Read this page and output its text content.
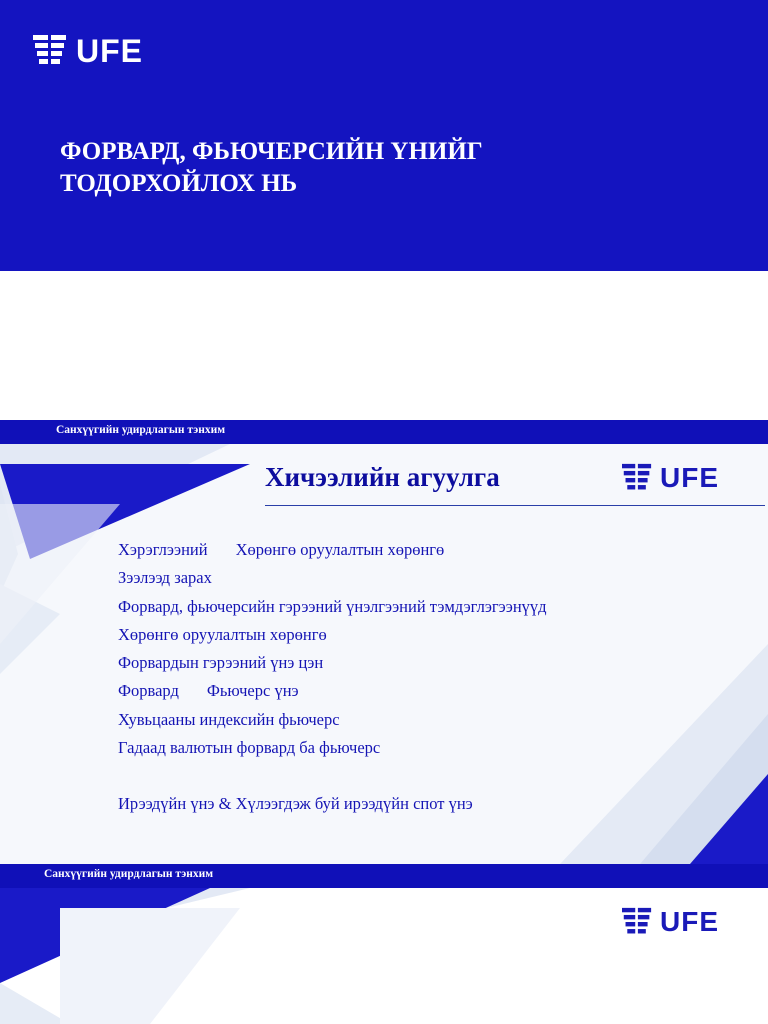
UFE
ФОРВАРД, ФЬЮЧЕРСИЙН ҮНИЙГ
ТОДОРХОЙЛОХ НЬ
Санхүүгийн удирдлагын тэнхим
Хичээлийн агуулга	UFE
Хэрэглээний Хөрөнгө оруулалтын хөрөнгө
Зээлээд зарах
Форвард, фьючерсийн гэрээний үнэлгээний тэмдэглэгээнүүд
Хөрөнгө оруулалтын хөрөнгө
Форвардын гэрээний үнэ цэн
Форвард Фьючерс үнэ
Хувьцааны индексийн фьючерс
Гадаад валютын форвард ба фьючерс
Ирээдүйн үнэ & Хүлээгдэж буй ирээдүйн спот үнэ
Санхүүгийн удирдлагын тэнхим
UFE
